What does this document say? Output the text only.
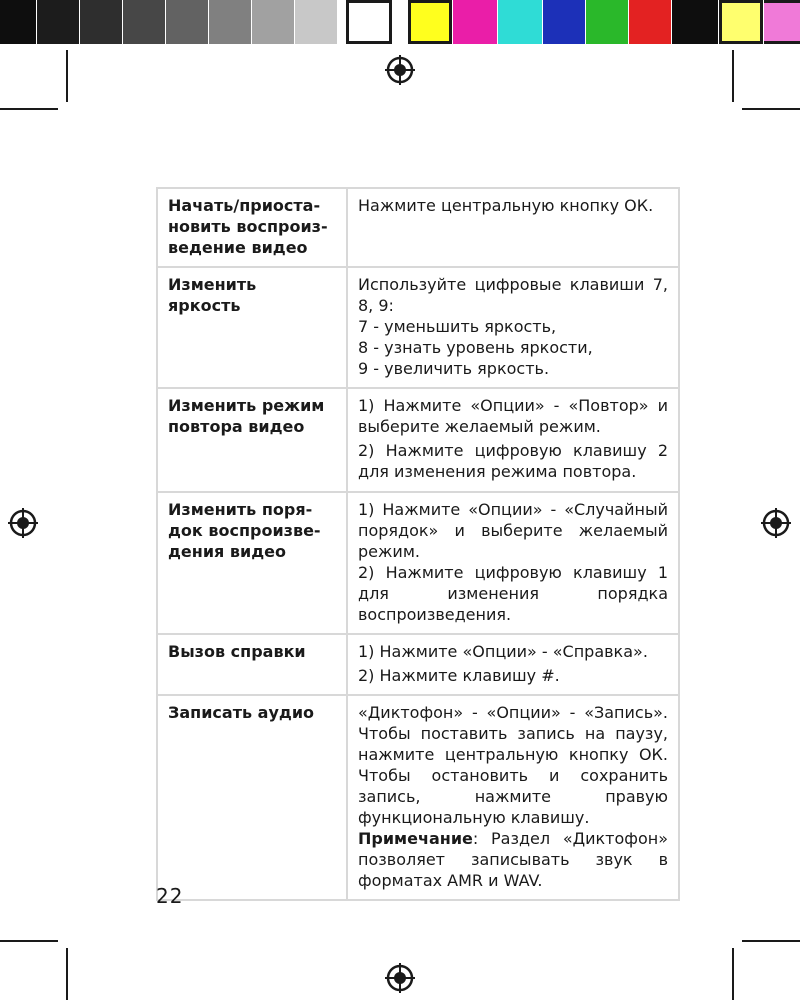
Начать/приоста-
новить воспроиз-
ведение видео	Нажмите центральную кнопку ОК.

Изменить
яркость	Используйте цифровые клавиши 7, 8, 9:
7 - уменьшить яркость,
8 - узнать уровень яркости,
9 - увеличить яркость.

Изменить режим
повтора видео	1) Нажмите «Опции» - «Повтор» и выберите желаемый режим.
2) Нажмите цифровую клавишу 2 для изменения режима повтора.

Изменить поря-
док воспроизве-
дения видео	1) Нажмите «Опции» - «Случайный порядок» и выберите желаемый режим.
2) Нажмите цифровую клавишу 1 для изменения порядка воспроизведения.

Вызов справки	1) Нажмите «Опции» - «Справка».
2) Нажмите клавишу #.

Записать аудио	«Диктофон» - «Опции» - «Запись». Чтобы поставить запись на паузу, нажмите центральную кнопку ОК. Чтобы остановить и сохранить запись, нажмите правую функциональную клавишу.
Примечание: Раздел «Диктофон» позволяет записывать звук в форматах AMR и WAV.
22
